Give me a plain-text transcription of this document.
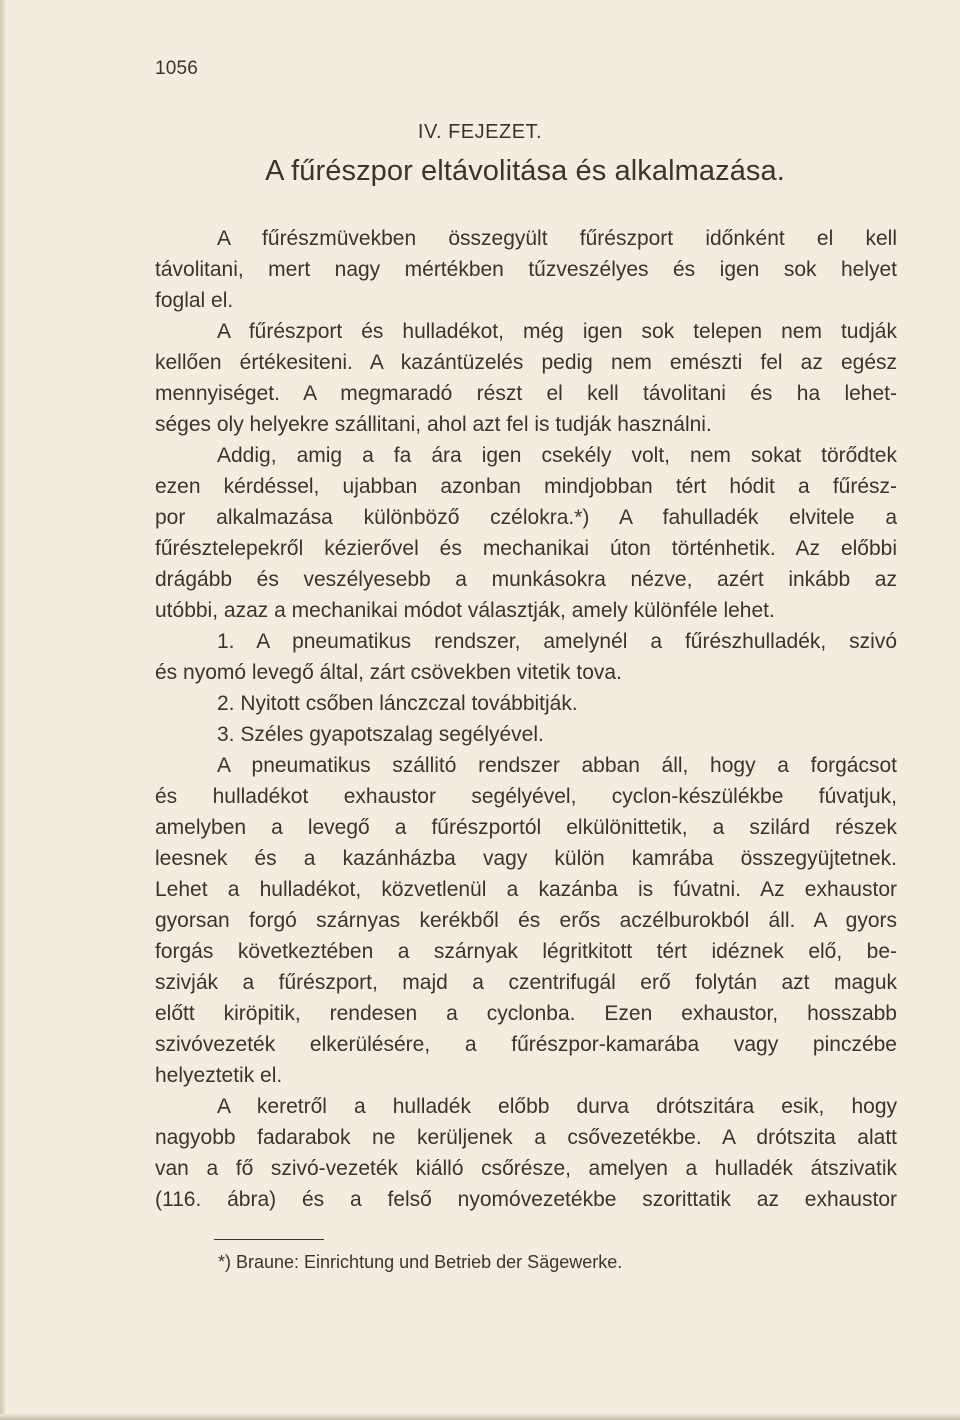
1056
IV. FEJEZET.
A fűrészpor eltávolitása és alkalmazása.
A fűrészmüvekben összegyült fűrészport időnként el kell
távolitani, mert nagy mértékben tűzveszélyes és igen sok helyet
foglal el.
A fűrészport és hulladékot, még igen sok telepen nem tudják
kellően értékesiteni. A kazántüzelés pedig nem emészti fel az egész
mennyiséget. A megmaradó részt el kell távolitani és ha lehet-
séges oly helyekre szállitani, ahol azt fel is tudják használni.
Addig, amig a fa ára igen csekély volt, nem sokat törődtek
ezen kérdéssel, ujabban azonban mindjobban tért hódit a fűrész-
por alkalmazása különböző czélokra.*) A fahulladék elvitele a
fűrésztelepekről kézierővel és mechanikai úton történhetik. Az előbbi
drágább és veszélyesebb a munkásokra nézve, azért inkább az
utóbbi, azaz a mechanikai módot választják, amely különféle lehet.
1. A pneumatikus rendszer, amelynél a fűrészhulladék, szivó
és nyomó levegő által, zárt csövekben vitetik tova.
2. Nyitott csőben lánczczal továbbitják.
3. Széles gyapotszalag segélyével.
A pneumatikus szállitó rendszer abban áll, hogy a forgácsot
és hulladékot exhaustor segélyével, cyclon-készülékbe fúvatjuk,
amelyben a levegő a fűrészportól elkülönittetik, a szilárd részek
leesnek és a kazánházba vagy külön kamrába összegyüjtetnek.
Lehet a hulladékot, közvetlenül a kazánba is fúvatni. Az exhaustor
gyorsan forgó szárnyas kerékből és erős aczélburokból áll. A gyors
forgás következtében a szárnyak légritkitott tért idéznek elő, be-
szivják a fűrészport, majd a czentrifugál erő folytán azt maguk
előtt kiröpitik, rendesen a cyclonba. Ezen exhaustor, hosszabb
szivóvezeték elkerülésére, a fűrészpor-kamarába vagy pinczébe
helyeztetik el.
A keretről a hulladék előbb durva drótszitára esik, hogy
nagyobb fadarabok ne kerüljenek a csővezetékbe. A drótszita alatt
van a fő szivó-vezeték kiálló csőrésze, amelyen a hulladék átszivatik
(116. ábra) és a felső nyomóvezetékbe szorittatik az exhaustor
*) Braune: Einrichtung und Betrieb der Sägewerke.
